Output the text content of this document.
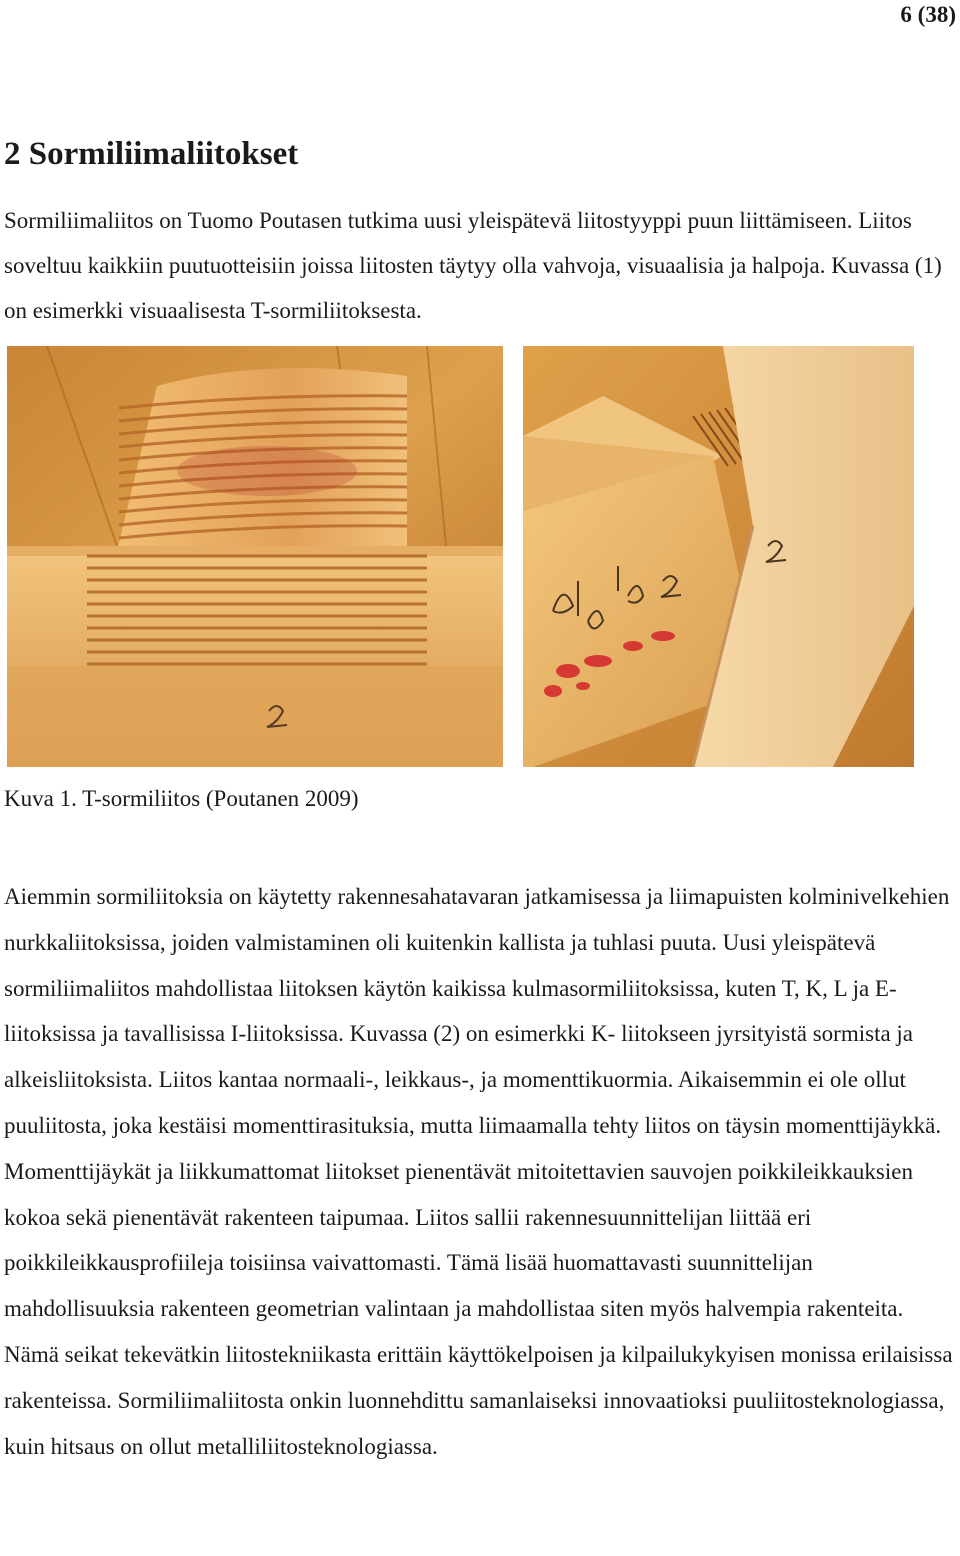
6 (38)
2 Sormiliimaliitokset

Sormiliimaliitos on Tuomo Poutasen tutkima uusi yleispätevä liitostyyppi puun liittämiseen. Liitos soveltuu kaikkiin puutuotteisiin joissa liitosten täytyy olla vahvoja, visuaalisia ja halpoja. Kuvassa (1) on esimerkki visuaalisesta T-sormiliitoksesta.

Kuva 1. T-sormiliitos (Poutanen 2009)

Aiemmin sormiliitoksia on käytetty rakennesahatavaran jatkamisessa ja liimapuisten kolminivelkehien nurkkaliitoksissa, joiden valmistaminen oli kuitenkin kallista ja tuhlasi puuta. Uusi yleispätevä sormiliimaliitos mahdollistaa liitoksen käytön kaikissa kulmasormiliitoksissa, kuten T, K, L ja E-liitoksissa ja tavallisissa I-liitoksissa. Kuvassa (2) on esimerkki K- liitokseen jyrsityistä sormista ja alkeisliitoksista. Liitos kantaa normaali-, leikkaus-, ja momenttikuormia. Aikaisemmin ei ole ollut puuliitosta, joka kestäisi momenttirasituksia, mutta liimaamalla tehty liitos on täysin momenttijäykkä. Momenttijäykät ja liikkumattomat liitokset pienentävät mitoitettavien sauvojen poikkileikkauksien kokoa sekä pienentävät rakenteen taipumaa. Liitos sallii rakennesuunnittelijan liittää eri poikkileikkausprofiileja toisiinsa vaivattomasti. Tämä lisää huomattavasti suunnittelijan mahdollisuuksia rakenteen geometrian valintaan ja mahdollistaa siten myös halvempia rakenteita. Nämä seikat tekevätkin liitostekniikasta erittäin käyttökelpoisen ja kilpailukykyisen monissa erilaisissa rakenteissa. Sormiliimaliitosta onkin luonnehdittu samanlaiseksi innovaatioksi puuliitosteknologiassa, kuin hitsaus on ollut metalliliitosteknologiassa.
